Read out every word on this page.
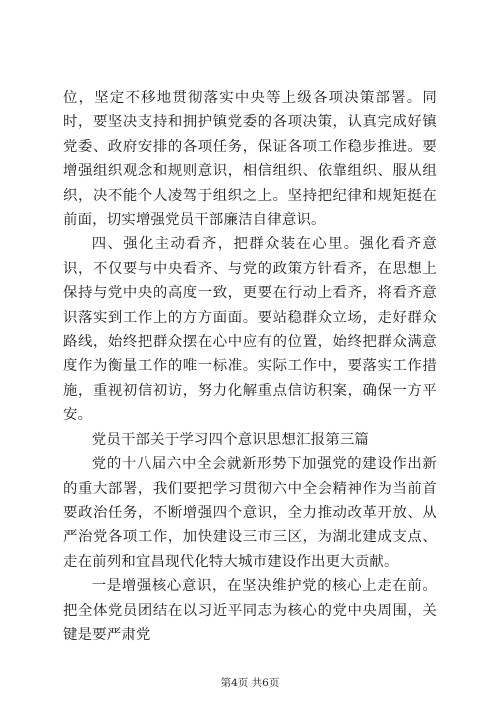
位，坚定不移地贯彻落实中央等上级各项决策部署。同时，要坚决支持和拥护镇党委的各项决策，认真完成好镇党委、政府安排的各项任务，保证各项工作稳步推进。要增强组织观念和规则意识，相信组织、依靠组织、服从组织，决不能个人凌驾于组织之上。坚持把纪律和规矩挺在前面，切实增强党员干部廉洁自律意识。

四、强化主动看齐，把群众装在心里。强化看齐意识，不仅要与中央看齐、与党的政策方针看齐，在思想上保持与党中央的高度一致，更要在行动上看齐，将看齐意识落实到工作上的方方面面。要站稳群众立场，走好群众路线，始终把群众摆在心中应有的位置，始终把群众满意度作为衡量工作的唯一标准。实际工作中，要落实工作措施，重视初信初访，努力化解重点信访积案，确保一方平安。

党员干部关于学习四个意识思想汇报第三篇

党的十八届六中全会就新形势下加强党的建设作出新的重大部署，我们要把学习贯彻六中全会精神作为当前首要政治任务，不断增强四个意识，全力推动改革开放、从严治党各项工作，加快建设三市三区，为湖北建成支点、走在前列和宜昌现代化特大城市建设作出更大贡献。

一是增强核心意识，在坚决维护党的核心上走在前。把全体党员团结在以习近平同志为核心的党中央周围，关键是要严肃党

第4页 共6页
